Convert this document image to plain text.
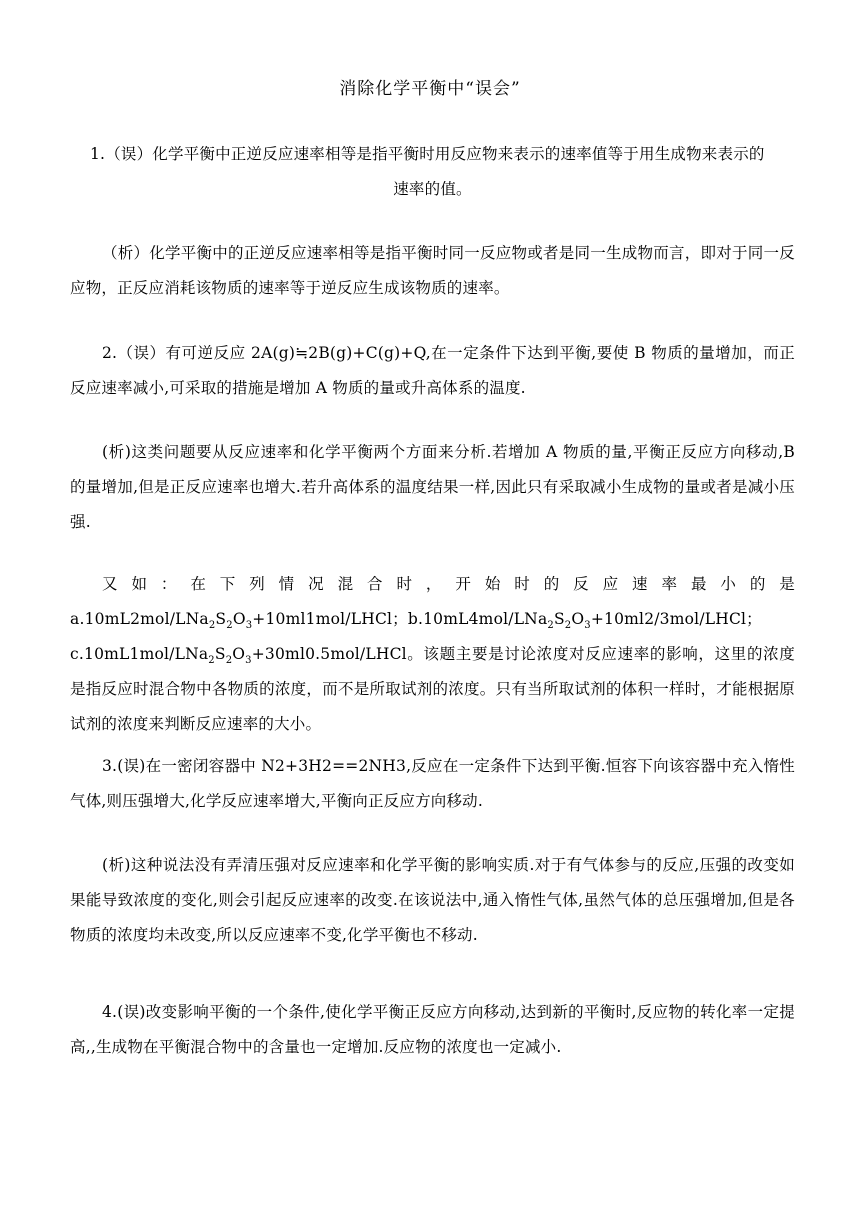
消除化学平衡中“误会”
1.（误）化学平衡中正逆反应速率相等是指平衡时用反应物来表示的速率值等于用生成物来表示的
速率的值。
（析）化学平衡中的正逆反应速率相等是指平衡时同一反应物或者是同一生成物而言，即对于同一反应物，正反应消耗该物质的速率等于逆反应生成该物质的速率。
2.（误）有可逆反应 2A(g)≒2B(g)+C(g)+Q,在一定条件下达到平衡,要使 B 物质的量增加，而正反应速率减小,可采取的措施是增加 A 物质的量或升高体系的温度.
(析)这类问题要从反应速率和化学平衡两个方面来分析.若增加 A 物质的量,平衡正反应方向移动,B 的量增加,但是正反应速率也增大.若升高体系的温度结果一样,因此只有采取减小生成物的量或者是减小压强.
又如：在下列情况混合时，开始时的反应速率最小的是 $a.10mL2mol/LNa_2S_2O_3+10ml1mol$/LHCl；$b.10mL4mol/LNa_2S_2O_3+10ml2/3mol$/LHCl；$c.10mL1mol/LNa_2S_2O_3+30ml0.5mol$/LHCl。该题主要是讨论浓度对反应速率的影响，这里的浓度是指反应时混合物中各物质的浓度，而不是所取试剂的浓度。只有当所取试剂的体积一样时，才能根据原试剂的浓度来判断反应速率的大小。
3.(误)在一密闭容器中 N2+3H2==2NH3,反应在一定条件下达到平衡.恒容下向该容器中充入惰性气体,则压强增大,化学反应速率增大,平衡向正反应方向移动.
(析)这种说法没有弄清压强对反应速率和化学平衡的影响实质.对于有气体参与的反应,压强的改变如果能导致浓度的变化,则会引起反应速率的改变.在该说法中,通入惰性气体,虽然气体的总压强增加,但是各物质的浓度均未改变,所以反应速率不变,化学平衡也不移动.
4.(误)改变影响平衡的一个条件,使化学平衡正反应方向移动,达到新的平衡时,反应物的转化率一定提高,,生成物在平衡混合物中的含量也一定增加.反应物的浓度也一定减小.
